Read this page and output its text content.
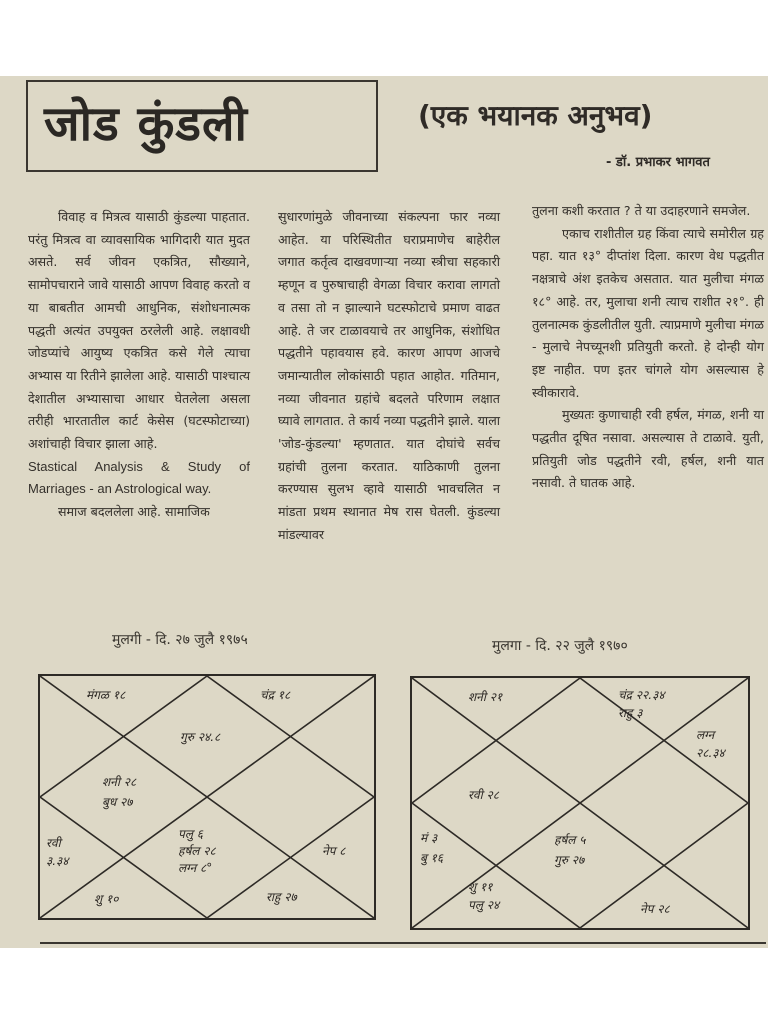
जोड कुंडली	(एक भयानक अनुभव)
- डॉ. प्रभाकर भागवत

विवाह व मित्रत्व यासाठी कुंडल्या पाहतात. परंतु मित्रत्व वा व्यावसायिक भागिदारी यात मुदत असते. सर्व जीवन एकत्रित, सौख्याने, सामोपचाराने जावे यासाठी आपण विवाह करतो व या बाबतीत आमची आधुनिक, संशोधनात्मक पद्धती अत्यंत उपयुक्त ठरलेली आहे. लक्षावधी जोडप्यांचे आयुष्य एकत्रित कसे गेले त्याचा अभ्यास या रितीने झालेला आहे. यासाठी पाश्चात्य देशातील अभ्यासाचा आधार घेतलेला असला तरीही भारतातील कार्ट केसेस (घटस्फोटाच्या) अशांचाही विचार झाला आहे.

Stastical Analysis & Study of Marriages - an Astrological way.

समाज बदललेला आहे. सामाजिक

सुधारणांमुळे जीवनाच्या संकल्पना फार नव्या आहेत. या परिस्थितीत घराप्रमाणेच बाहेरील जगात कर्तृत्व दाखवणाऱ्या नव्या स्त्रीचा सहकारी म्हणून व पुरुषाचाही वेगळा विचार करावा लागतो व तसा तो न झाल्याने घटस्फोटाचे प्रमाण वाढत आहे. ते जर टाळावयाचे तर आधुनिक, संशोधित पद्धतीने पहावयास हवे. कारण आपण आजचे जमान्यातील लोकांसाठी पहात आहोत. गतिमान, नव्या जीवनात ग्रहांचे बदलते परिणाम लक्षात घ्यावे लागतात. ते कार्य नव्या पद्धतीने झाले. याला 'जोड-कुंडल्या' म्हणतात. यात दोघांचे सर्वच ग्रहांची तुलना करतात. याठिकाणी तुलना करण्यास सुलभ व्हावे यासाठी भावचलित न मांडता प्रथम स्थानात मेष रास घेतली. कुंडल्या मांडल्यावर

तुलना कशी करतात ? ते या उदाहरणाने समजेल.

एकाच राशीतील ग्रह किंवा त्याचे समोरील ग्रह पहा. यात १३° दीप्तांश दिला. कारण वेध पद्धतीत नक्षत्राचे अंश इतकेच असतात. यात मुलीचा मंगळ १८° आहे. तर, मुलाचा शनी त्याच राशीत २१°. ही तुलनात्मक कुंडलीतील युती. त्याप्रमाणे मुलीचा मंगळ - मुलाचे नेपच्यूनशी प्रतियुती करतो. हे दोन्ही योग इष्ट नाहीत. पण इतर चांगले योग असल्यास हे स्वीकारावे.

मुख्यतः कुणाचाही रवी हर्षल, मंगळ, शनी या पद्धतीत दूषित नसावा. असल्यास ते टाळावे. युती, प्रतियुती जोड पद्धतीने रवी, हर्षल, शनी यात नसावी. ते घातक आहे.

मुलगी - दि. २७ जुलै १९७५
मंगळ १८	चंद्र १८
गुरु २४.८
शनी २८
बुध २७
रवी
३.३४
पलु ६
हर्षल २८
लग्न ८°
नेप ८
शु १०	राहु २७
मुलगा - दि. २२ जुलै १९७०
शनी २१	चंद्र २२.३४
राहु ३
लग्न
२८.३४
रवी २८
मं ३
बु १६
हर्षल ५
गुरु २७
शु ११
पलु २४	नेप २८
